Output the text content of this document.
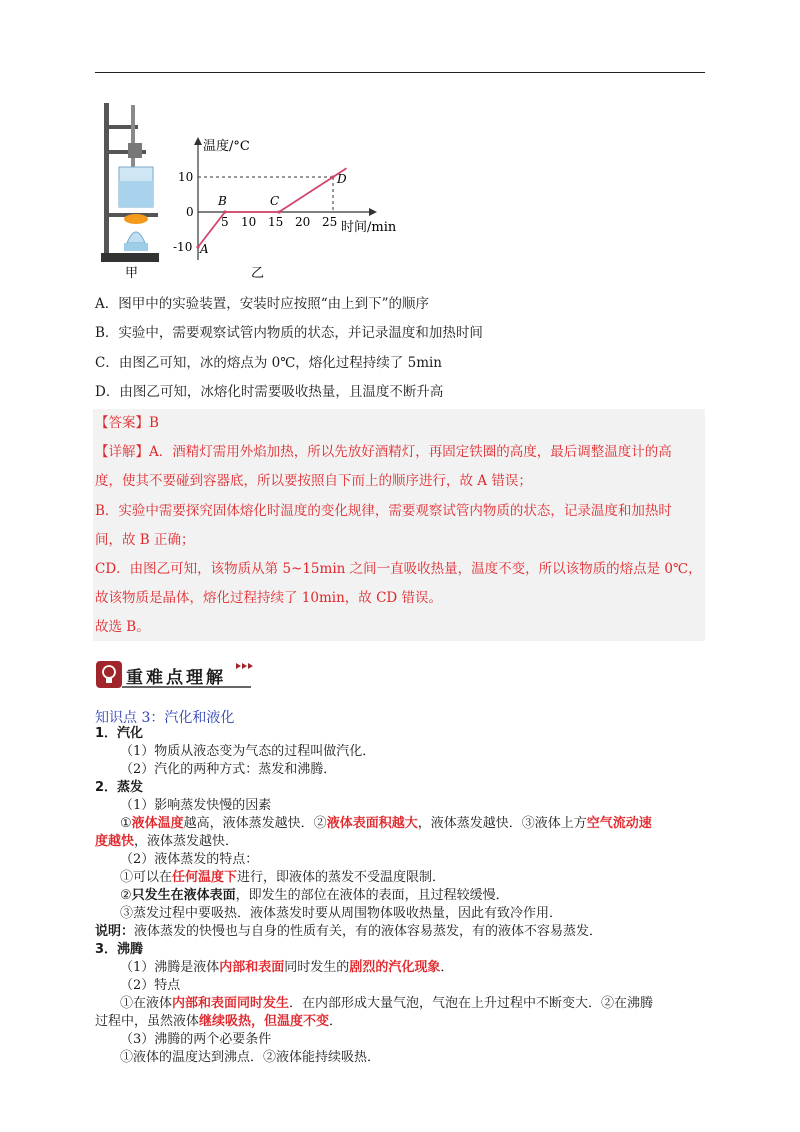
温度/°C
时间/min
10
0
-10
5 10 15 20 25
A
B	C
D
甲	乙
A．图甲中的实验装置，安装时应按照“由上到下”的顺序
B．实验中，需要观察试管内物质的状态，并记录温度和加热时间
C．由图乙可知，冰的熔点为 0℃，熔化过程持续了 5min
D．由图乙可知，冰熔化时需要吸收热量，且温度不断升高
【答案】B
【详解】A．酒精灯需用外焰加热，所以先放好酒精灯，再固定铁圈的高度，最后调整温度计的高
度，使其不要碰到容器底，所以要按照自下而上的顺序进行，故 A 错误；
B．实验中需要探究固体熔化时温度的变化规律，需要观察试管内物质的状态，记录温度和加热时
间，故 B 正确；
CD．由图乙可知，该物质从第 5~15min 之间一直吸收热量，温度不变，所以该物质的熔点是 0℃，
故该物质是晶体，熔化过程持续了 10min，故 CD 错误。
故选 B。
重难点理解
知识点 3：汽化和液化
1．汽化
（1）物质从液态变为气态的过程叫做汽化．
（2）汽化的两种方式：蒸发和沸腾．
2．蒸发
（1）影响蒸发快慢的因素
①液体温度越高，液体蒸发越快．②液体表面积越大，液体蒸发越快．③液体上方空气流动速
度越快，液体蒸发越快．
（2）液体蒸发的特点：
①可以在任何温度下进行，即液体的蒸发不受温度限制．
②只发生在液体表面，即发生的部位在液体的表面，且过程较缓慢．
③蒸发过程中要吸热．液体蒸发时要从周围物体吸收热量，因此有致冷作用．
说明：液体蒸发的快慢也与自身的性质有关，有的液体容易蒸发，有的液体不容易蒸发．
3．沸腾
（1）沸腾是液体内部和表面同时发生的剧烈的汽化现象．
（2）特点
①在液体内部和表面同时发生．在内部形成大量气泡，气泡在上升过程中不断变大．②在沸腾
过程中，虽然液体继续吸热，但温度不变．
（3）沸腾的两个必要条件
①液体的温度达到沸点．②液体能持续吸热．
